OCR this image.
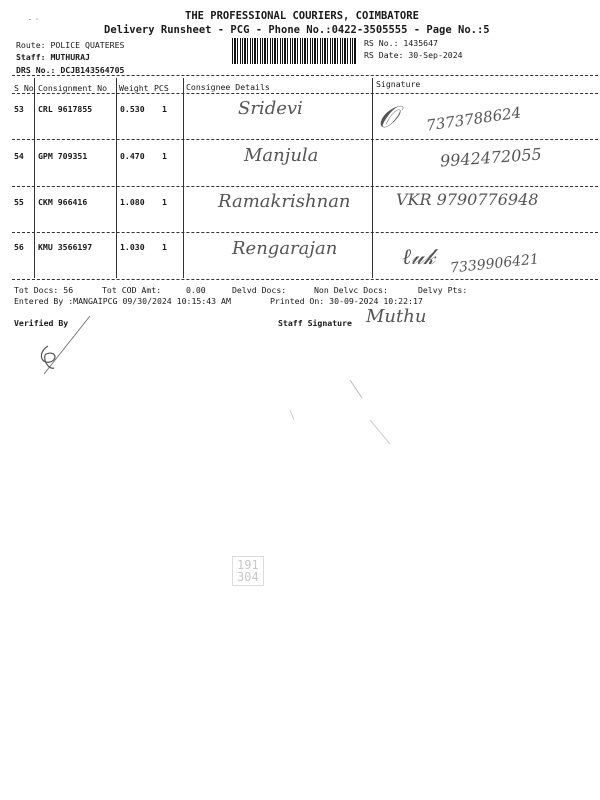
THE PROFESSIONAL COURIERS, COIMBATORE
Delivery Runsheet - PCG - Phone No.:0422-3505555 - Page No.:5
‐ ·
Route: POLICE QUATERES
Staff: MUTHURAJ
DRS No.: DCJB143564705
RS No.: 1435647
RS Date: 30-Sep-2024
S No Consignment No Weight PCS Consignee Details	Signature
53 CRL 9617855	0.530 1	Sridevi	𝒪 7373788624
54 GPM 709351	0.470 1	Manjula	9942472055
55 CKM 966416	1.080 1	Ramakrishnan	VKR 9790776948
56 KMU 3566197	1.030 1	Rengarajan	ℓ𝓊𝓀 7339906421
Tot Docs: 56	Tot COD Amt:	0.00	Delvd Docs:	Non Delvc Docs:	Delvy Pts:
Entered By :MANGAIPCG 09/30/2024 10:15:43 AM	Printed On: 30-09-2024 10:22:17
Verified By	Staff Signature Muthu
191
304
